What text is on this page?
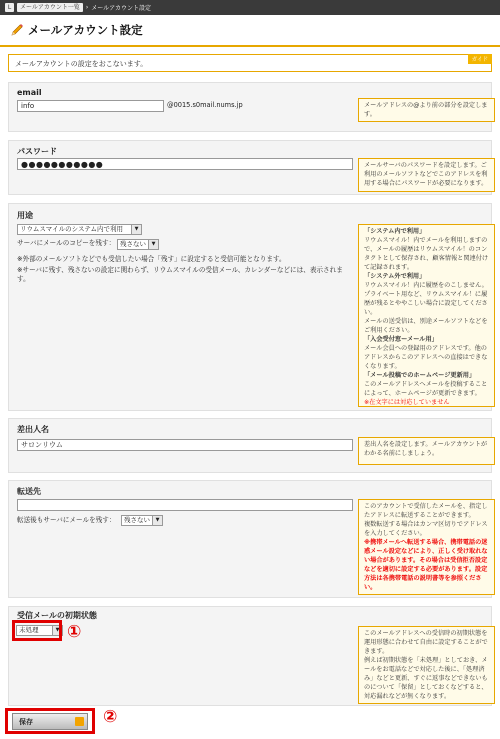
L	メールアカウント一覧	› メールアカウント設定
メールアカウント設定
メールアカウントの設定をおこないます。	ガイド
email
info	@0015.s0mail.nums.jp	メールアドレスの@より前の部分を設定します。
パスワード
●●●●●●●●●●●	メールサーバのパスワードを設定します。ご利用のメールソフトなどでこのアドレスを利用する場合にパスワードが必要になります。
用途
リウムスマイルのシステム内で利用	▼
サーバにメールのコピーを残す： 残さない	▼
※外部のメールソフトなどでも受信したい場合「残す」に設定すると受信可能となります。
※サーバに残す、残さないの設定に関わらず、リウムスマイルの受信メール、カレンダーなどには、表示されます。
「システム内で利用」
リウムスマイル！内でメールを利用しますので、メールの履歴はリウムスマイル！のコンタクトとして保存され、顧客情報と関連付けて記録されます。
「システム外で利用」
リウムスマイル！内に履歴をのこしません。プライベート用など、リウムスマイル！に履歴が残るとややこしい場合に設定してください。
メールの送受信は、別途メールソフトなどをご利用ください。
「入会受付窓ーメール用」
メール会員への登録用のアドレスです。他のアドレスからこのアドレスへの直接はできなくなります。
「メール投稿でのホームページ更新用」
このメールアドレスへメールを投稿することによって、ホームページが更新できます。
※在文字には対応していません
差出人名
サロンリウム	差出人名を設定します。メールアカウントがわかる名前にしましょう。
転送先
転送後もサーバにメールを残す：	残さない	▼
このアカウントで受信したメールを、指定したアドレスに転送することができます。
複数転送する場合はカンマ区切りでアドレスを入力してください。
※携帯メールへ転送する場合、携帯電話の迷惑メール設定などにより、正しく受け取れない場合があります。その場合は受信拒否設定などを適切に設定する必要があります。設定方法は各携帯電話の説明書等を参照ください。
受信メールの初期状態
未処理	▼	このメールアドレスへの受信時の初期状態を運用形態に合わせて自由に設定することができます。
例えば初期状態を「未処理」としておき、メールをお電話などで対応した後に、「処理済み」などと更新、すぐに返事などできないものについて「保留」としておくなどすると、対応漏れなどが無くなります。
①
保存	②
